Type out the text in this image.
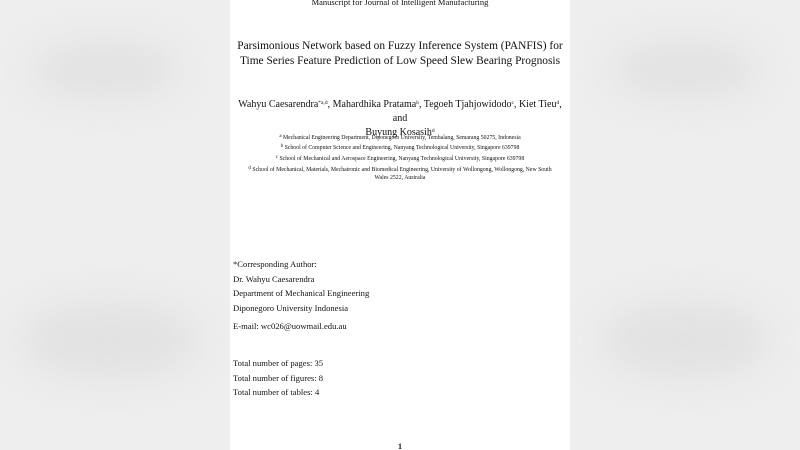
Manuscript for Journal of Intelligent Manufacturing
Parsimonious Network based on Fuzzy Inference System (PANFIS) for
Time Series Feature Prediction of Low Speed Slew Bearing Prognosis
Wahyu Caesarendra$^{*a,d}$, Mahardhika Pratama$^b$, Tegoeh Tjahjowidodo$^c$, Kiet Tieu$^d$, and
Buyung Kosasih$^d$
$^a$ Mechanical Engineering Department, Diponegoro University, Tembalang, Semarang 50275, Indonesia
$^b$ School of Computer Science and Engineering, Nanyang Technological University, Singapore 639798
$^c$ School of Mechanical and Aerospace Engineering, Nanyang Technological University, Singapore 639798
$^d$ School of Mechanical, Materials, Mechatronic and Biomedical Engineering, University of Wollongong, Wollongong, New South
Wales 2522, Australia
*Corresponding Author:
Dr. Wahyu Caesarendra
Department of Mechanical Engineering
Diponegoro University Indonesia
E-mail: wc026@uowmail.edu.au
Total number of pages: 35
Total number of figures: 8
Total number of tables: 4
1
